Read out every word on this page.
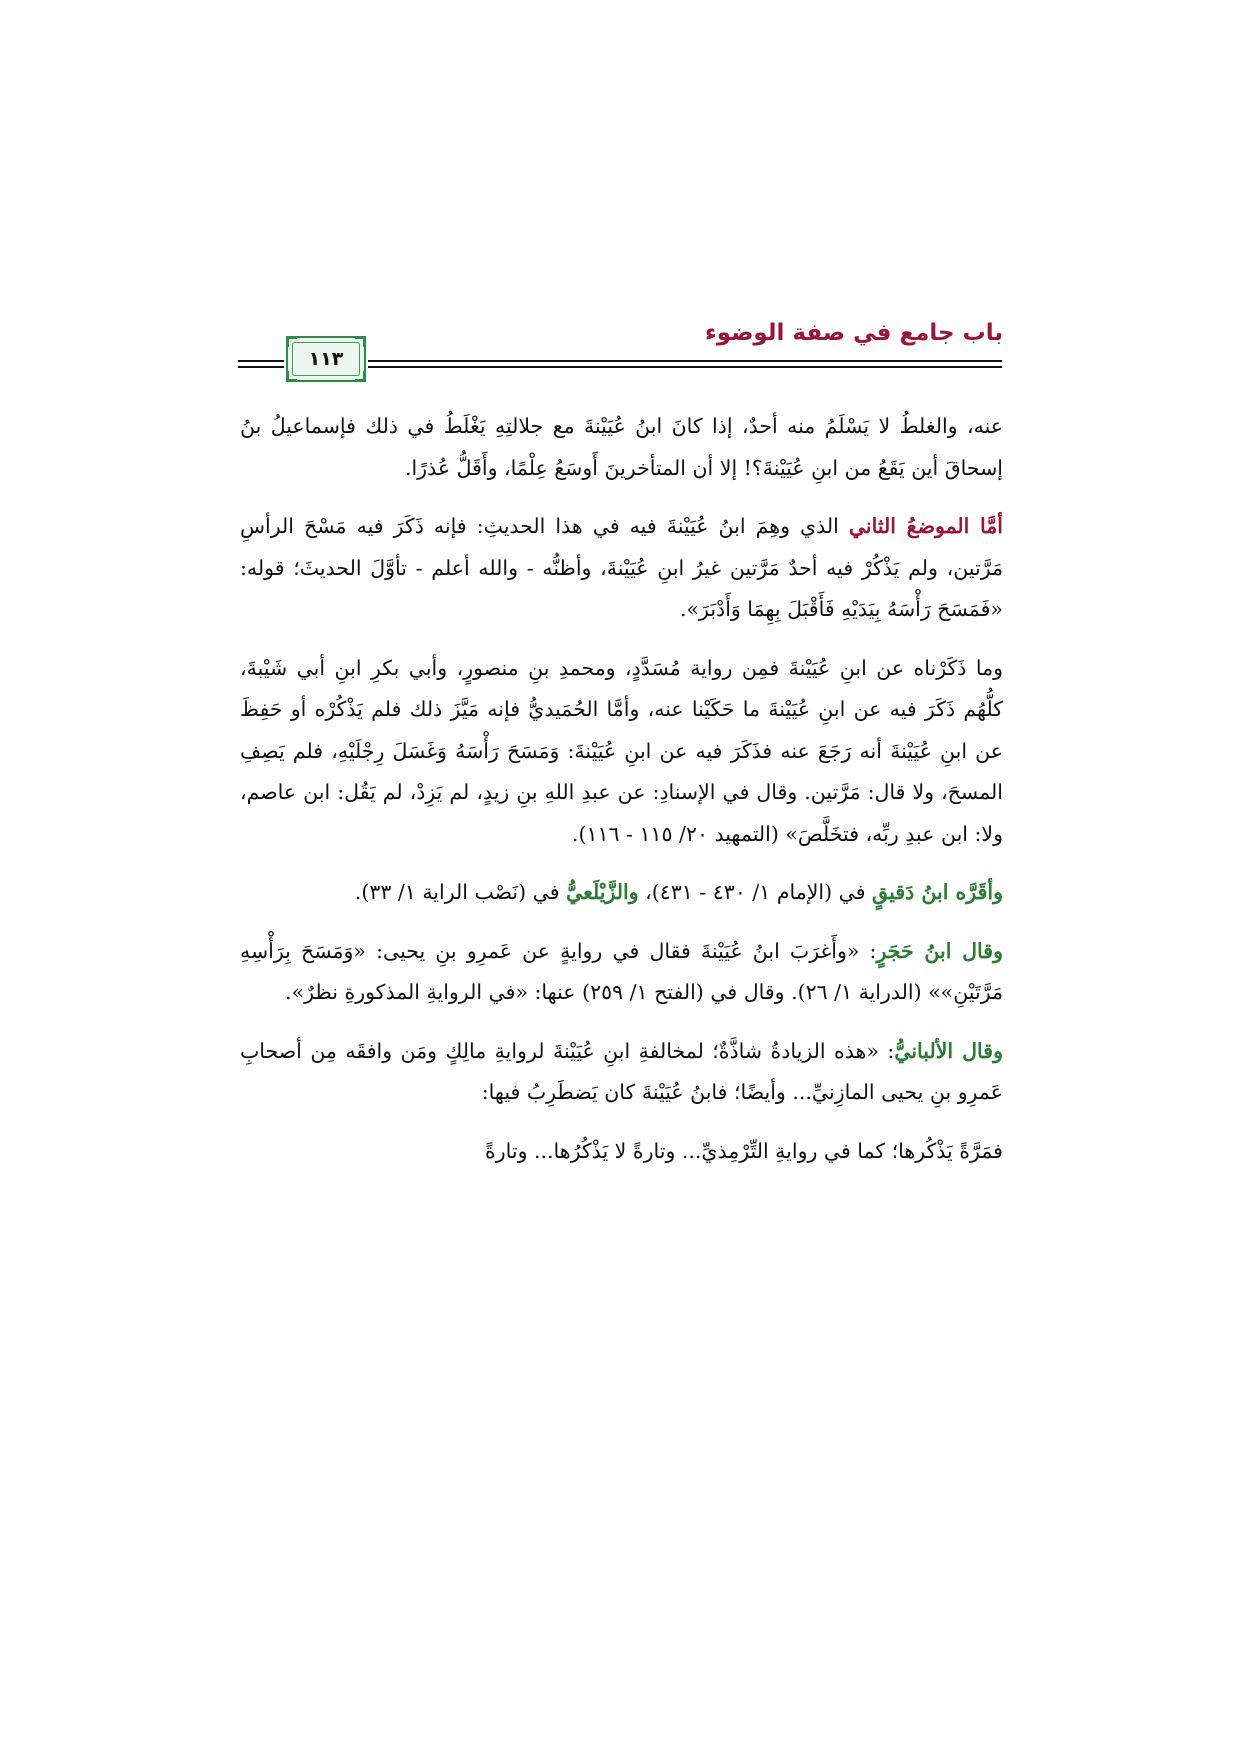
باب جامع في صفة الوضوء
١١٣

عنه، والغلطُ لا يَسْلَمُ منه أحدٌ، إذا كانَ ابنُ عُيَيْنةَ مع جلالتِهِ يَغْلَطُ في ذلك فإسماعيلُ بنُ إسحاقَ أين يَقَعُ من ابنِ عُيَيْنةَ؟! إلا أن المتأخرينَ أَوسَعُ عِلْمًا، وأَقَلُّ عُذرًا.

أمَّا الموضعُ الثاني الذي وهِمَ ابنُ عُيَيْنةَ فيه في هذا الحديثِ: فإنه ذَكَرَ فيه مَسْحَ الرأسِ مَرَّتين، ولم يَذْكُرْ فيه أحدٌ مَرَّتين غيرُ ابنِ عُيَيْنةَ، وأظنُّه - والله أعلم - تأوَّلَ الحديثَ؛ قوله: «فَمَسَحَ رَأْسَهُ بِيَدَيْهِ فَأَقْبَلَ بِهِمَا وَأَدْبَرَ».

وما ذَكَرْناه عن ابنِ عُيَيْنةَ فمِن رواية مُسَدَّدٍ، ومحمدِ بنِ منصورٍ، وأبي بكرِ ابنِ أبي شَيْبةَ، كلُّهُم ذَكَرَ فيه عن ابنِ عُيَيْنةَ ما حَكَيْنا عنه، وأمَّا الحُمَيديُّ فإنه مَيَّزَ ذلك فلم يَذْكُرْه أو حَفِظَ عن ابنِ عُيَيْنةَ أنه رَجَعَ عنه فذَكَرَ فيه عن ابنِ عُيَيْنةَ: وَمَسَحَ رَأْسَهُ وَغَسَلَ رِجْلَيْهِ، فلم يَصِفِ المسحَ، ولا قال: مَرَّتين. وقال في الإسنادِ: عن عبدِ اللهِ بنِ زيدٍ، لم يَزِدْ، لم يَقُل: ابن عاصم، ولا: ابن عبدِ ربِّه، فتخَلَّصَ» (التمهيد ٢٠/ ١١٥ - ١١٦).

وأقَرَّه ابنُ دَقيقٍ في (الإمام ١/ ٤٣٠ - ٤٣١)، والزَّيْلَعيُّ في (نَصْب الراية ١/ ٣٣).

وقال ابنُ حَجَرٍ: «وأَغرَبَ ابنُ عُيَيْنةَ فقال في روايةٍ عن عَمرِو بنِ يحيى: «وَمَسَحَ بِرَأْسِهِ مَرَّتَيْنِ»» (الدراية ١/ ٢٦). وقال في (الفتح ١/ ٢٥٩) عنها: «في الروايةِ المذكورةِ نظرٌ».

وقال الألبانيُّ: «هذه الزيادةُ شاذَّةٌ؛ لمخالفةِ ابنِ عُيَيْنةَ لروايةِ مالِكٍ ومَن وافقَه مِن أصحابِ عَمرِو بنِ يحيى المازِنيِّ... وأيضًا؛ فابنُ عُيَيْنةَ كان يَضطَرِبُ فيها:

فمَرَّةً يَذْكُرها؛ كما في روايةِ التِّرْمِذيِّ... وتارةً لا يَذْكُرُها... وتارةً
